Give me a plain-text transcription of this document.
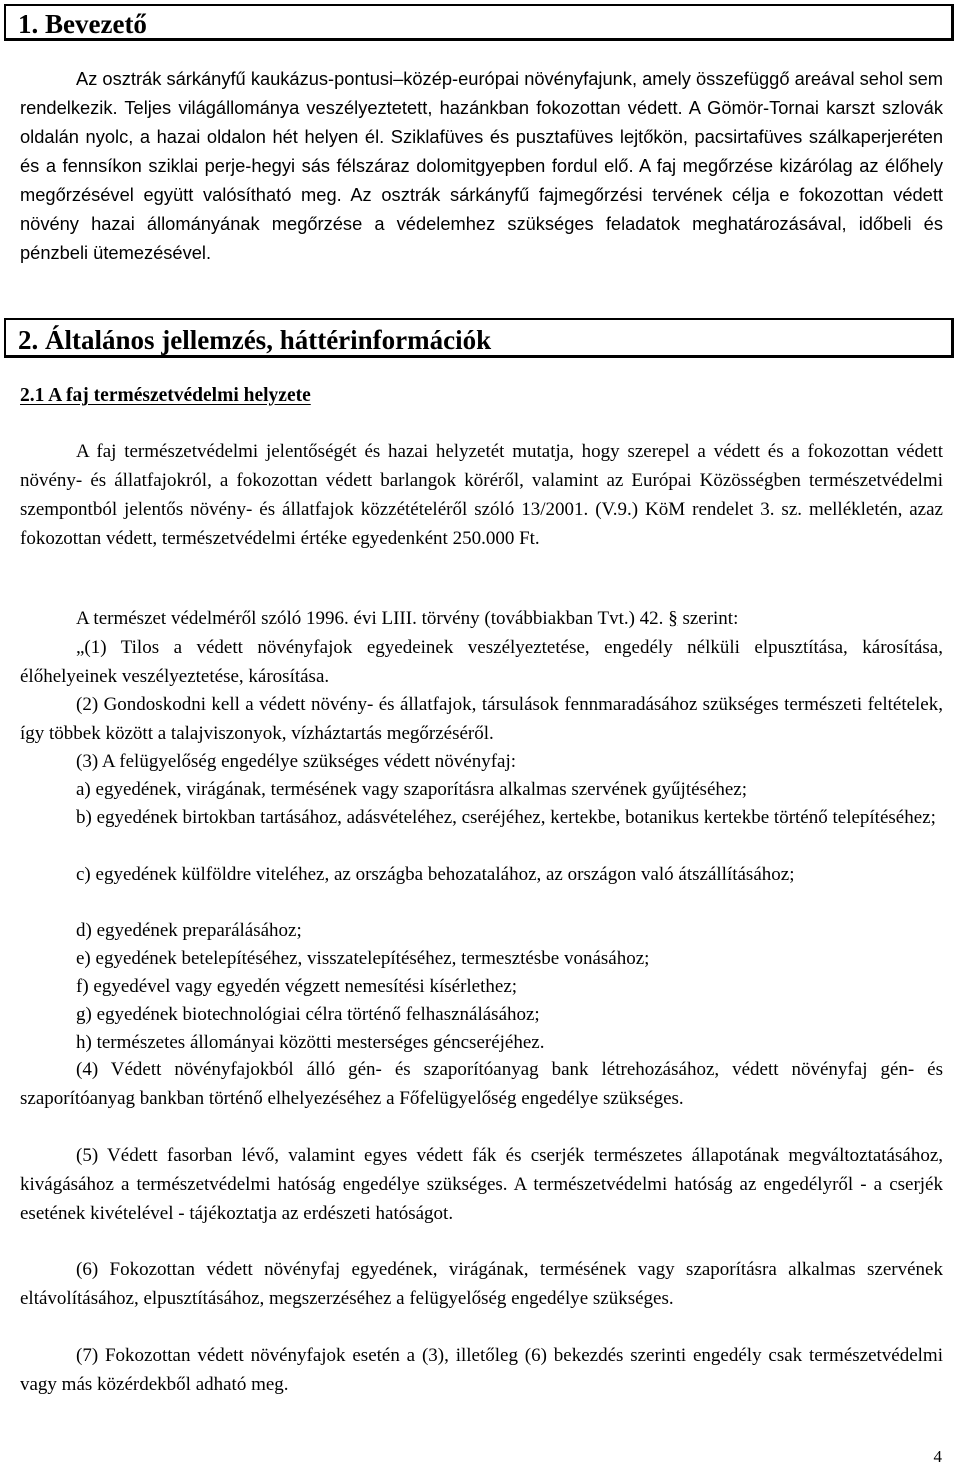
1. Bevezető

Az osztrák sárkányfű kaukázus-pontusi–közép-európai növényfajunk, amely összefüggő areával sehol sem rendelkezik. Teljes világállománya veszélyeztetett, hazánkban fokozottan védett. A Gömör-Tornai karszt szlovák oldalán nyolc, a hazai oldalon hét helyen él. Sziklafüves és pusztafüves lejtőkön, pacsirtafüves szálkaperjeréten és a fennsíkon sziklai perje-hegyi sás félszáraz dolomitgyepben fordul elő. A faj megőrzése kizárólag az élőhely megőrzésével együtt valósítható meg. Az osztrák sárkányfű fajmegőrzési tervének célja e fokozottan védett növény hazai állományának megőrzése a védelemhez szükséges feladatok meghatározásával, időbeli és pénzbeli ütemezésével.

2. Általános jellemzés, háttérinformációk

2.1 A faj természetvédelmi helyzete

A faj természetvédelmi jelentőségét és hazai helyzetét mutatja, hogy szerepel a védett és a fokozottan védett növény- és állatfajokról, a fokozottan védett barlangok köréről, valamint az Európai Közösségben természetvédelmi szempontból jelentős növény- és állatfajok közzétételéről szóló 13/2001. (V.9.) KöM rendelet 3. sz. mellékletén, azaz fokozottan védett, természetvédelmi értéke egyedenként 250.000 Ft.

A természet védelméről szóló 1996. évi LIII. törvény (továbbiakban Tvt.) 42. § szerint:

„(1) Tilos a védett növényfajok egyedeinek veszélyeztetése, engedély nélküli elpusztítása, károsítása, élőhelyeinek veszélyeztetése, károsítása.

(2) Gondoskodni kell a védett növény- és állatfajok, társulások fennmaradásához szükséges természeti feltételek, így többek között a talajviszonyok, vízháztartás megőrzéséről.

(3) A felügyelőség engedélye szükséges védett növényfaj:

a) egyedének, virágának, termésének vagy szaporításra alkalmas szervének gyűjtéséhez;

b) egyedének birtokban tartásához, adásvételéhez, cseréjéhez, kertekbe, botanikus kertekbe történő telepítéséhez;

c) egyedének külföldre viteléhez, az országba behozatalához, az országon való átszállításához;

d) egyedének preparálásához;

e) egyedének betelepítéséhez, visszatelepítéséhez, termesztésbe vonásához;

f) egyedével vagy egyedén végzett nemesítési kísérlethez;

g) egyedének biotechnológiai célra történő felhasználásához;

h) természetes állományai közötti mesterséges géncseréjéhez.

(4) Védett növényfajokból álló gén- és szaporítóanyag bank létrehozásához, védett növényfaj gén- és szaporítóanyag bankban történő elhelyezéséhez a Főfelügyelőség engedélye szükséges.

(5) Védett fasorban lévő, valamint egyes védett fák és cserjék természetes állapotának megváltoztatásához, kivágásához a természetvédelmi hatóság engedélye szükséges. A természetvédelmi hatóság az engedélyről - a cserjék esetének kivételével - tájékoztatja az erdészeti hatóságot.

(6) Fokozottan védett növényfaj egyedének, virágának, termésének vagy szaporításra alkalmas szervének eltávolításához, elpusztításához, megszerzéséhez a felügyelőség engedélye szükséges.

(7) Fokozottan védett növényfajok esetén a (3), illetőleg (6) bekezdés szerinti engedély csak természetvédelmi vagy más közérdekből adható meg.

4
